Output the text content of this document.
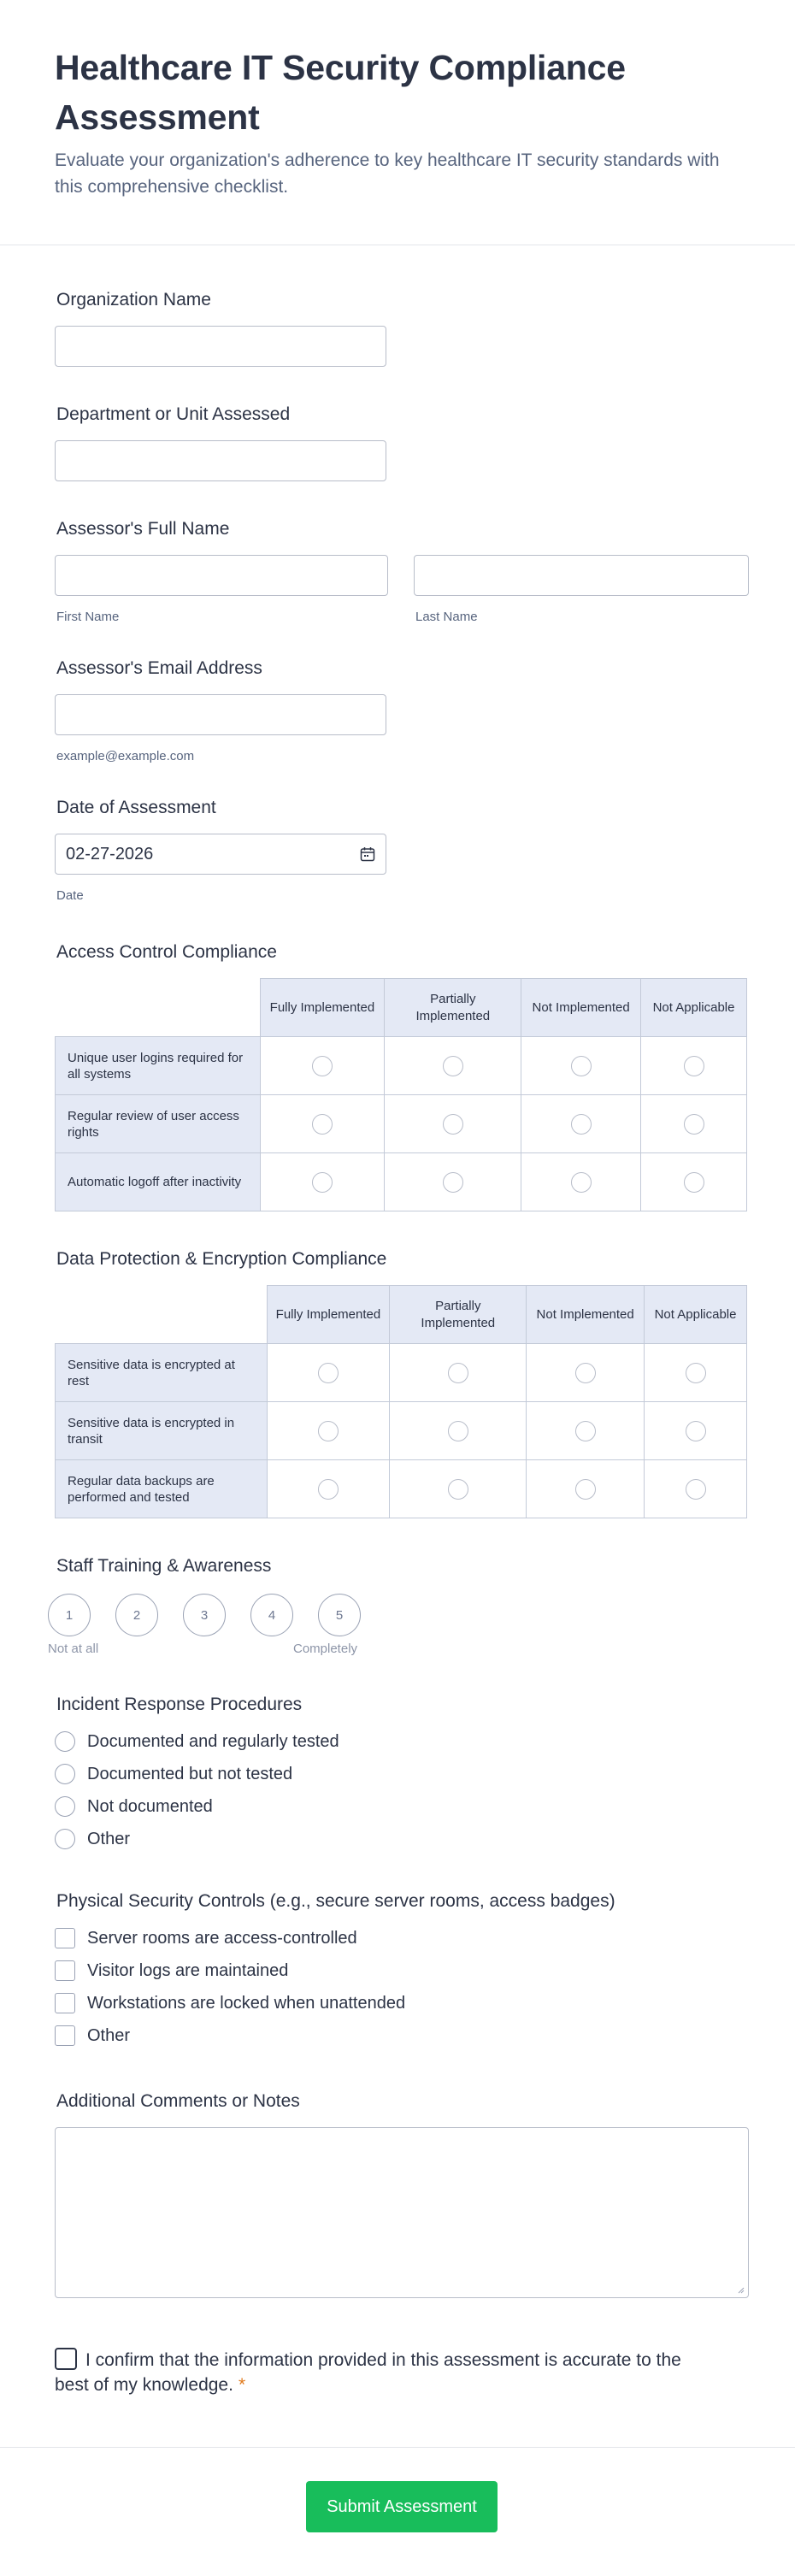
Healthcare IT Security Compliance Assessment

Evaluate your organization's adherence to key healthcare IT security standards with this comprehensive checklist.

Organization Name
Department or Unit Assessed
Assessor's Full Name
First Name	Last Name
Assessor's Email Address
example@example.com
Date of Assessment
02-27-2026
Date
Access Control Compliance
	Fully Implemented	Partially Implemented	Not Implemented	Not Applicable
Unique user logins required for all systems				
Regular review of user access rights				
Automatic logoff after inactivity				
Data Protection & Encryption Compliance
	Fully Implemented	Partially Implemented	Not Implemented	Not Applicable
Sensitive data is encrypted at rest				
Sensitive data is encrypted in transit				
Regular data backups are performed and tested				
Staff Training & Awareness
1	2	3	4	5
Not at all	Completely
Incident Response Procedures
Documented and regularly tested
Documented but not tested
Not documented
Other
Physical Security Controls (e.g., secure server rooms, access badges)
Server rooms are access-controlled
Visitor logs are maintained
Workstations are locked when unattended
Other
Additional Comments or Notes
I confirm that the information provided in this assessment is accurate to the best of my knowledge. *
Submit Assessment
